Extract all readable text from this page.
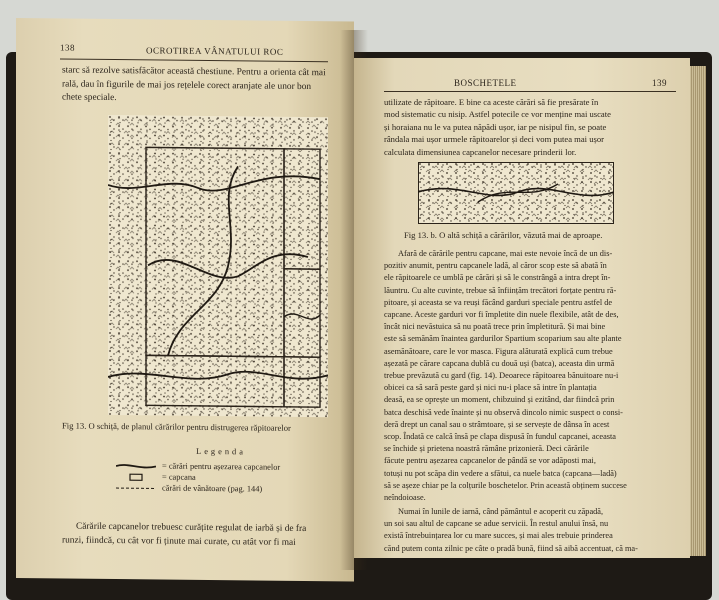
138	OCROTIREA VÂNATULUI ROC

starc să rezolve satisfăcător această chestiune. Pentru a orienta cât mai

rală, dau în figurile de mai jos rețelele corect aranjate ale unor bon

chete speciale.

Fig 13. O schiță, de planul cărărilor pentru distrugerea răpitoarelor
Legenda
= cărări pentru așezarea capcanelor
= capcana
cărări de vânătoare (pag. 144)

Cărările capcanelor trebuesc curățite regulat de iarbă și de fra

runzi, fiindcă, cu cât vor fi ținute mai curate, cu atât vor fi mai

BOSCHETELE	139

utilizate de răpitoare. E bine ca aceste cărări să fie presărate în

mod sistematic cu nisip. Astfel potecile ce vor menține mai uscate

și horaiana nu le va putea năpădi ușor, iar pe nisipul fin, se poate

rândala mai ușor urmele răpitoarelor și deci vom putea mai ușor

calculata dimensiunea capcanelor necesare prinderii lor.

Fig 13. b. O altă schiță a cărărilor, văzută mai de aproape.

Afară de cărările pentru capcane, mai este nevoie încă de un dis-

pozitiv anumit, pentru capcanele ladă, al căror scop este să abată în

ele răpitoarele ce umblă pe cărări și să le constrângă a intra drept în-

lăuntru. Cu alte cuvinte, trebue să înființăm trecători forțate pentru ră-

pitoare, și aceasta se va reuși făcând garduri speciale pentru astfel de

capcane. Aceste garduri vor fi împletite din nuele flexibile, atât de des,

încât nici nevăstuica să nu poată trece prin împletitură. Și mai bine

este să semănăm înaintea gardurilor Spartium scoparium sau alte plante

asemănătoare, care le vor masca. Figura alăturată explică cum trebue

așezată pe cărare capcana dublă cu două uși (batca), aceasta din urmă

trebue prevăzută cu gard (fig. 14). Deoarece răpitoarea bănuitoare nu-i

obicei ca să sară peste gard și nici nu-i place să intre în plantația

deasă, ea se oprește un moment, chibzuind și ezitând, dar fiindcă prin

batca deschisă vede înainte și nu observă dincolo nimic suspect o consi-

deră drept un canal sau o strâmtoare, și se servește de dânsa în acest

scop. Îndată ce calcă însă pe clapa dispusă în fundul capcanei, aceasta

se închide și prietena noastră rămâne prizonieră. Deci cărările

făcute pentru așezarea capcanelor de pândă se vor adăposti mai,

totuși nu pot scăpa din vedere a sfătui, ca nuele batca (capcana—ladă)

să se așeze chiar pe la colțurile boschetelor. Prin această obținem succese

neîndoioase.

Numai în lunile de iarnă, când pământul e acoperit cu zăpadă,

un soi sau altul de capcane se adue servicii. În restul anului însă, nu

există întrebuințarea lor cu mare succes, și mai ales trebuie prinderea

cănd putem conta zilnic pe câte o pradă bună, fiind să aibă accentuat, că ma-
